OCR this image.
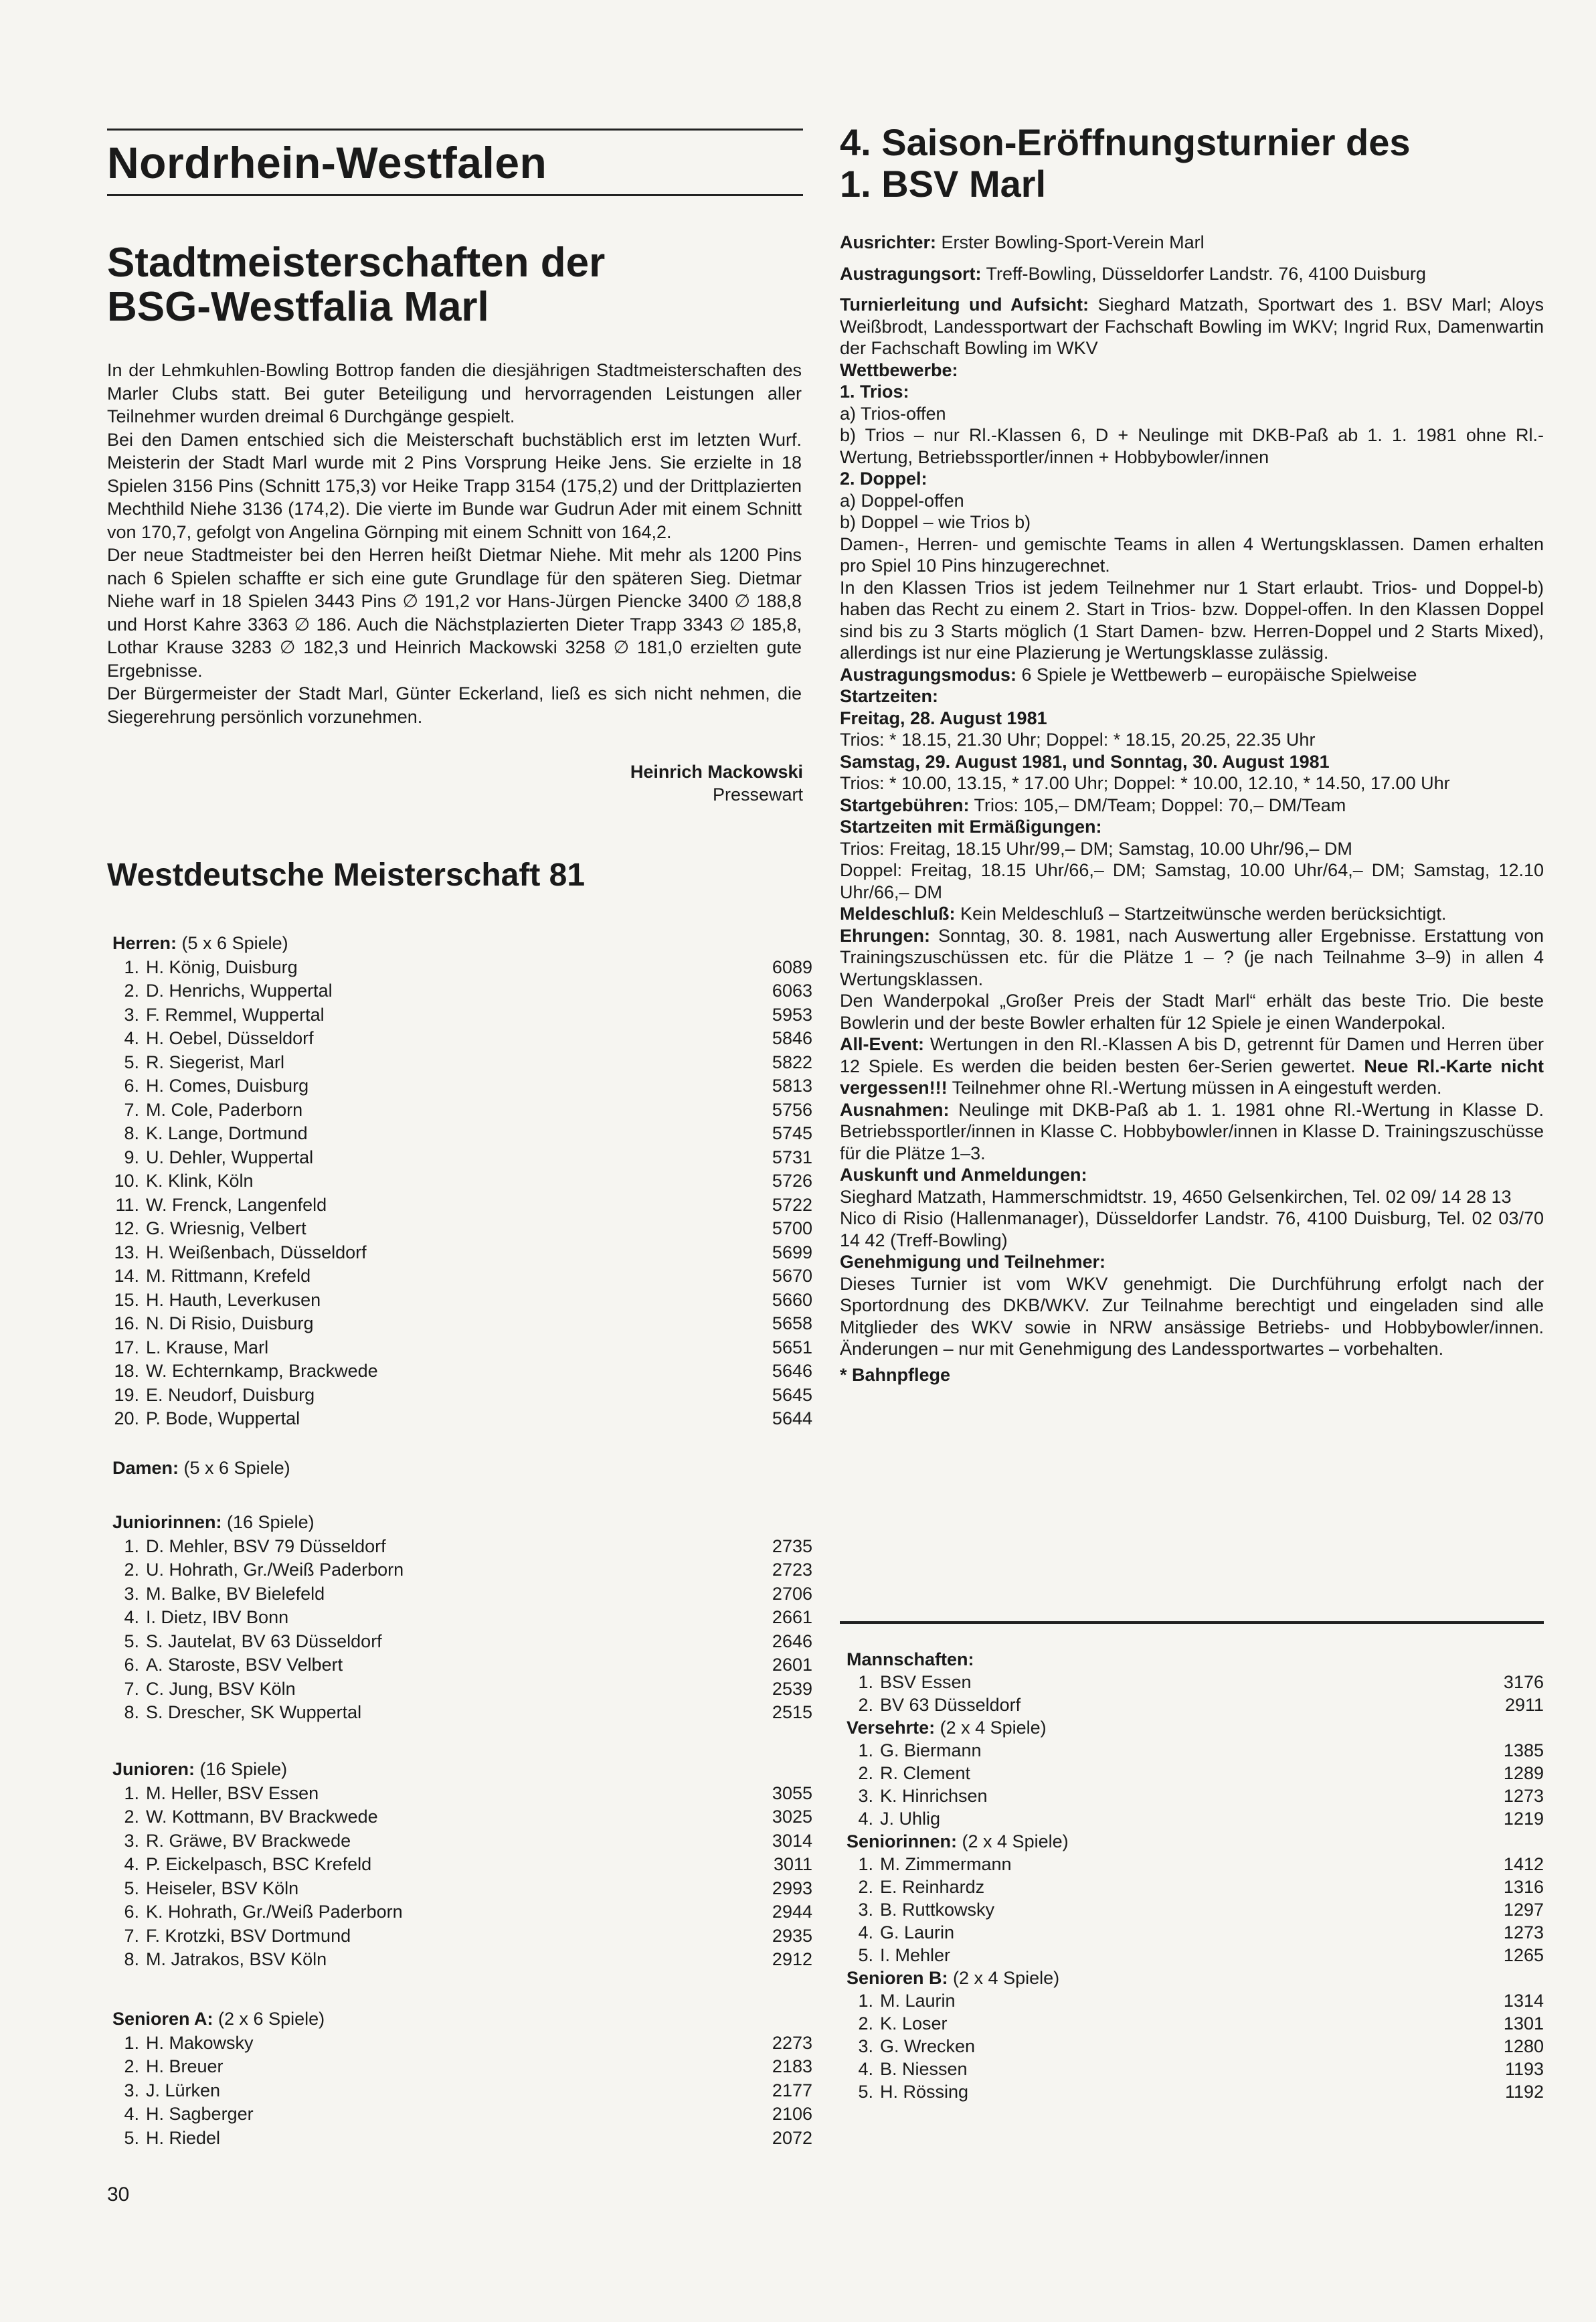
Nordrhein-Westfalen
Stadtmeisterschaften der
BSG-Westfalia Marl

In der Lehmkuhlen-Bowling Bottrop fanden die diesjährigen Stadtmeisterschaften des Marler Clubs statt. Bei guter Beteiligung und hervorragenden Leistungen aller Teilnehmer wurden dreimal 6 Durchgänge gespielt.

Bei den Damen entschied sich die Meisterschaft buchstäblich erst im letzten Wurf. Meisterin der Stadt Marl wurde mit 2 Pins Vorsprung Heike Jens. Sie erzielte in 18 Spielen 3156 Pins (Schnitt 175,3) vor Heike Trapp 3154 (175,2) und der Drittplazierten Mechthild Niehe 3136 (174,2). Die vierte im Bunde war Gudrun Ader mit einem Schnitt von 170,7, gefolgt von Angelina Görnping mit einem Schnitt von 164,2.

Der neue Stadtmeister bei den Herren heißt Dietmar Niehe. Mit mehr als 1200 Pins nach 6 Spielen schaffte er sich eine gute Grundlage für den späteren Sieg. Dietmar Niehe warf in 18 Spielen 3443 Pins ∅ 191,2 vor Hans-Jürgen Piencke 3400 ∅ 188,8 und Horst Kahre 3363 ∅ 186. Auch die Nächstplazierten Dieter Trapp 3343 ∅ 185,8, Lothar Krause 3283 ∅ 182,3 und Heinrich Mackowski 3258 ∅ 181,0 erzielten gute Ergebnisse.

Der Bürgermeister der Stadt Marl, Günter Eckerland, ließ es sich nicht nehmen, die Siegerehrung persönlich vorzunehmen.

Heinrich Mackowski
Pressewart
Westdeutsche Meisterschaft 81
Herren: (5 x 6 Spiele)
1. H. König, Duisburg	6089
2. D. Henrichs, Wuppertal	6063
3. F. Remmel, Wuppertal	5953
4. H. Oebel, Düsseldorf	5846
5. R. Siegerist, Marl	5822
6. H. Comes, Duisburg	5813
7. M. Cole, Paderborn	5756
8. K. Lange, Dortmund	5745
9. U. Dehler, Wuppertal	5731
10. K. Klink, Köln	5726
11. W. Frenck, Langenfeld	5722
12. G. Wriesnig, Velbert	5700
13. H. Weißenbach, Düsseldorf	5699
14. M. Rittmann, Krefeld	5670
15. H. Hauth, Leverkusen	5660
16. N. Di Risio, Duisburg	5658
17. L. Krause, Marl	5651
18. W. Echternkamp, Brackwede	5646
19. E. Neudorf, Duisburg	5645
20. P. Bode, Wuppertal	5644
Damen: (5 x 6 Spiele)
Juniorinnen: (16 Spiele)
1. D. Mehler, BSV 79 Düsseldorf	2735
2. U. Hohrath, Gr./Weiß Paderborn	2723
3. M. Balke, BV Bielefeld	2706
4. I. Dietz, IBV Bonn	2661
5. S. Jautelat, BV 63 Düsseldorf	2646
6. A. Staroste, BSV Velbert	2601
7. C. Jung, BSV Köln	2539
8. S. Drescher, SK Wuppertal	2515
Junioren: (16 Spiele)
1. M. Heller, BSV Essen	3055
2. W. Kottmann, BV Brackwede	3025
3. R. Gräwe, BV Brackwede	3014
4. P. Eickelpasch, BSC Krefeld	3011
5. Heiseler, BSV Köln	2993
6. K. Hohrath, Gr./Weiß Paderborn	2944
7. F. Krotzki, BSV Dortmund	2935
8. M. Jatrakos, BSV Köln	2912
Senioren A: (2 x 6 Spiele)
1. H. Makowsky	2273
2. H. Breuer	2183
3. J. Lürken	2177
4. H. Sagberger	2106
5. H. Riedel	2072
30
4. Saison-Eröffnungsturnier des
1. BSV Marl

Ausrichter: Erster Bowling-Sport-Verein Marl

Austragungsort: Treff-Bowling, Düsseldorfer Landstr. 76, 4100 Duisburg

Turnierleitung und Aufsicht: Sieghard Matzath, Sportwart des 1. BSV Marl; Aloys Weißbrodt, Landessportwart der Fachschaft Bowling im WKV; Ingrid Rux, Damenwartin der Fachschaft Bowling im WKV

Wettbewerbe:

1. Trios:

a) Trios-offen

b) Trios – nur Rl.-Klassen 6, D + Neulinge mit DKB-Paß ab 1. 1. 1981 ohne Rl.-Wertung, Betriebssportler/innen + Hobbybowler/innen

2. Doppel:

a) Doppel-offen

b) Doppel – wie Trios b)

Damen-, Herren- und gemischte Teams in allen 4 Wertungsklassen. Damen erhalten pro Spiel 10 Pins hinzugerechnet.

In den Klassen Trios ist jedem Teilnehmer nur 1 Start erlaubt. Trios- und Doppel-b) haben das Recht zu einem 2. Start in Trios- bzw. Doppel-offen. In den Klassen Doppel sind bis zu 3 Starts möglich (1 Start Damen- bzw. Herren-Doppel und 2 Starts Mixed), allerdings ist nur eine Plazierung je Wertungsklasse zulässig.

Austragungsmodus: 6 Spiele je Wettbewerb – europäische Spielweise

Startzeiten:

Freitag, 28. August 1981

Trios: * 18.15, 21.30 Uhr; Doppel: * 18.15, 20.25, 22.35 Uhr

Samstag, 29. August 1981, und Sonntag, 30. August 1981

Trios: * 10.00, 13.15, * 17.00 Uhr; Doppel: * 10.00, 12.10, * 14.50, 17.00 Uhr

Startgebühren: Trios: 105,– DM/Team; Doppel: 70,– DM/Team

Startzeiten mit Ermäßigungen:

Trios: Freitag, 18.15 Uhr/99,– DM; Samstag, 10.00 Uhr/96,– DM

Doppel: Freitag, 18.15 Uhr/66,– DM; Samstag, 10.00 Uhr/64,– DM; Samstag, 12.10 Uhr/66,– DM

Meldeschluß: Kein Meldeschluß – Startzeitwünsche werden berücksichtigt.

Ehrungen: Sonntag, 30. 8. 1981, nach Auswertung aller Ergebnisse. Erstattung von Trainingszuschüssen etc. für die Plätze 1 – ? (je nach Teilnahme 3–9) in allen 4 Wertungsklassen.

Den Wanderpokal „Großer Preis der Stadt Marl“ erhält das beste Trio. Die beste Bowlerin und der beste Bowler erhalten für 12 Spiele je einen Wanderpokal.

All-Event: Wertungen in den Rl.-Klassen A bis D, getrennt für Damen und Herren über 12 Spiele. Es werden die beiden besten 6er-Serien gewertet. Neue Rl.-Karte nicht vergessen!!! Teilnehmer ohne Rl.-Wertung müssen in A eingestuft werden.

Ausnahmen: Neulinge mit DKB-Paß ab 1. 1. 1981 ohne Rl.-Wertung in Klasse D. Betriebssportler/innen in Klasse C. Hobbybowler/innen in Klasse D. Trainingszuschüsse für die Plätze 1–3.

Auskunft und Anmeldungen:

Sieghard Matzath, Hammerschmidtstr. 19, 4650 Gelsenkirchen, Tel. 02 09/ 14 28 13

Nico di Risio (Hallenmanager), Düsseldorfer Landstr. 76, 4100 Duisburg, Tel. 02 03/70 14 42 (Treff-Bowling)

Genehmigung und Teilnehmer:

Dieses Turnier ist vom WKV genehmigt. Die Durchführung erfolgt nach der Sportordnung des DKB/WKV. Zur Teilnahme berechtigt und eingeladen sind alle Mitglieder des WKV sowie in NRW ansässige Betriebs- und Hobbybowler/innen. Änderungen – nur mit Genehmigung des Landessportwartes – vorbehalten.

* Bahnpflege

Mannschaften:
1. BSV Essen	3176
2. BV 63 Düsseldorf	2911
Versehrte: (2 x 4 Spiele)
1. G. Biermann	1385
2. R. Clement	1289
3. K. Hinrichsen	1273
4. J. Uhlig	1219
Seniorinnen: (2 x 4 Spiele)
1. M. Zimmermann	1412
2. E. Reinhardz	1316
3. B. Ruttkowsky	1297
4. G. Laurin	1273
5. I. Mehler	1265
Senioren B: (2 x 4 Spiele)
1. M. Laurin	1314
2. K. Loser	1301
3. G. Wrecken	1280
4. B. Niessen	1193
5. H. Rössing	1192
